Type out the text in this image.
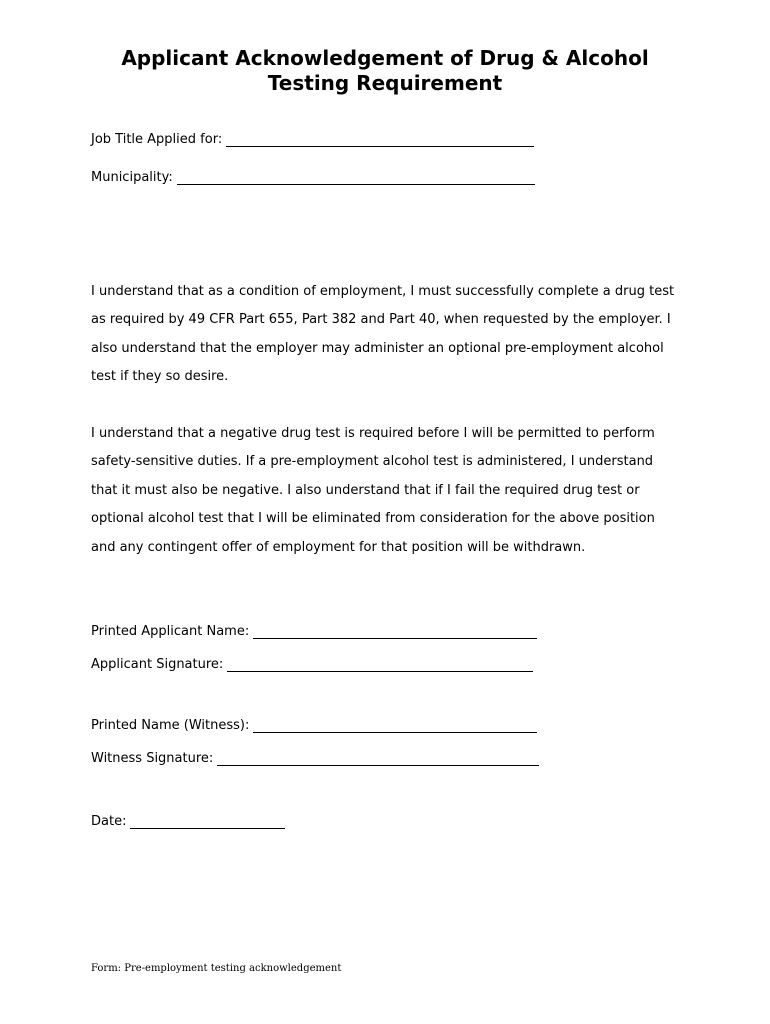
Applicant Acknowledgement of Drug & Alcohol
Testing Requirement
Job Title Applied for:
Municipality:

I understand that as a condition of employment, I must successfully complete a drug test as required by 49 CFR Part 655, Part 382 and Part 40, when requested by the employer. I also understand that the employer may administer an optional pre-employment alcohol test if they so desire.

I understand that a negative drug test is required before I will be permitted to perform safety-sensitive duties. If a pre-employment alcohol test is administered, I understand that it must also be negative. I also understand that if I fail the required drug test or optional alcohol test that I will be eliminated from consideration for the above position and any contingent offer of employment for that position will be withdrawn.

Printed Applicant Name:
Applicant Signature:
Printed Name (Witness):
Witness Signature:
Date:
Form: Pre-employment testing acknowledgement
